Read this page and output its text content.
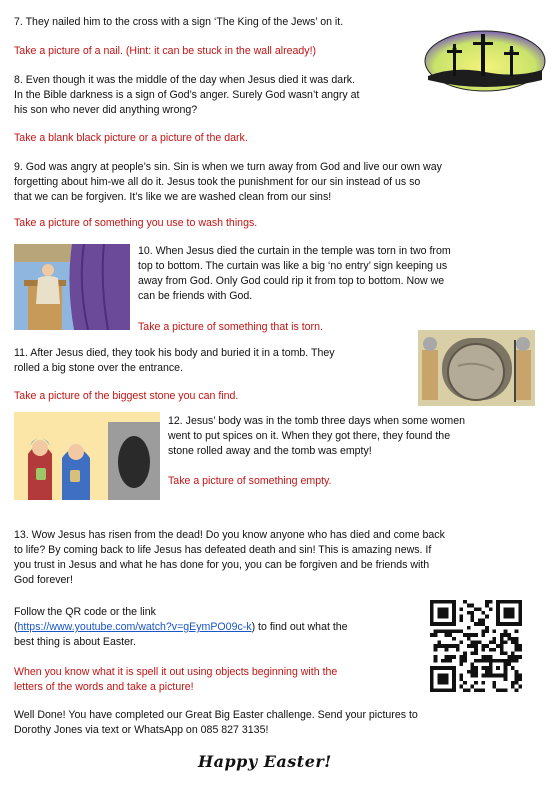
7. They nailed him to the cross with a sign ‘The King of the Jews’ on it.

Take a picture of a nail. (Hint: it can be stuck in the wall already!)

8. Even though it was the middle of the day when Jesus died it was dark.
In the Bible darkness is a sign of God’s anger. Surely God wasn’t angry at
his son who never did anything wrong?

Take a blank black picture or a picture of the dark.

9. God was angry at people’s sin. Sin is when we turn away from God and live our own way
forgetting about him-we all do it. Jesus took the punishment for our sin instead of us so
that we can be forgiven. It’s like we are washed clean from our sins!

Take a picture of something you use to wash things.

10. When Jesus died the curtain in the temple was torn in two from
top to bottom. The curtain was like a big ‘no entry’ sign keeping us
away from God. Only God could rip it from top to bottom. Now we
can be friends with God.

Take a picture of something that is torn.

11. After Jesus died, they took his body and buried it in a tomb. They
rolled a big stone over the entrance.

Take a picture of the biggest stone you can find.

12. Jesus’ body was in the tomb three days when some women
went to put spices on it. When they got there, they found the
stone rolled away and the tomb was empty!

Take a picture of something empty.

13. Wow Jesus has risen from the dead! Do you know anyone who has died and come back
to life? By coming back to life Jesus has defeated death and sin! This is amazing news. If
you trust in Jesus and what he has done for you, you can be forgiven and be friends with
God forever!
Follow the QR code or the link
(https://www.youtube.com/watch?v=gEymPO09c-k) to find out what the
best thing is about Easter.
When you know what it is spell it out using objects beginning with the
letters of the words and take a picture!
Well Done! You have completed our Great Big Easter challenge. Send your pictures to
Dorothy Jones via text or WhatsApp on 085 827 3135!
Happy Easter!
